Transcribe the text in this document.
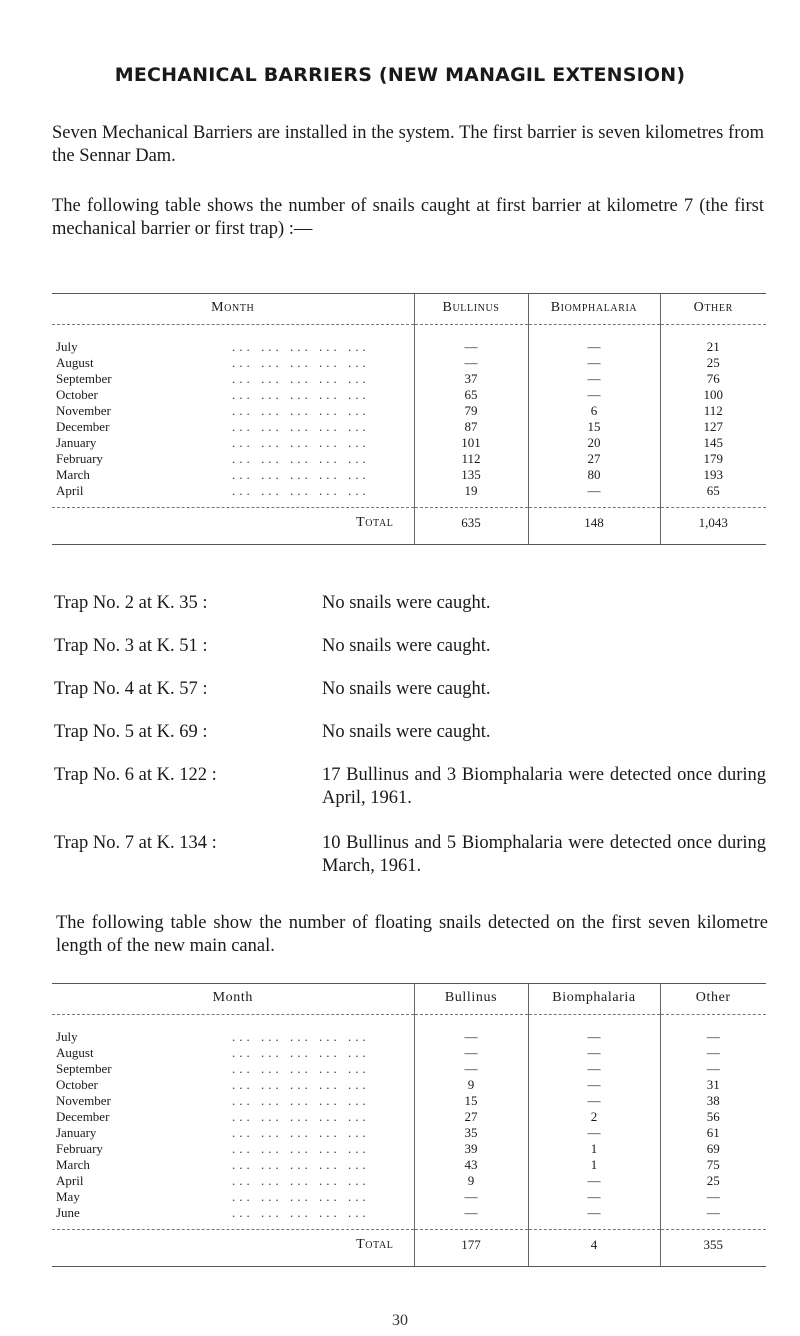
MECHANICAL BARRIERS (NEW MANAGIL EXTENSION)
Seven Mechanical Barriers are installed in the system. The first barrier is seven kilometres from the Sennar Dam.
The following table shows the number of snails caught at first barrier at kilometre 7 (the first mechanical barrier or first trap) :—
Month	Bullinus	Biomphalaria	Other
July ... ... ... ... ...	—	—	21
August ... ... ... ... ...	—	—	25
September ... ... ... ... ...	37	—	76
October ... ... ... ... ...	65	—	100
November ... ... ... ... ...	79	6	112
December ... ... ... ... ...	87	15	127
January ... ... ... ... ...	101	20	145
February ... ... ... ... ...	112	27	179
March ... ... ... ... ...	135	80	193
April ... ... ... ... ...	19	—	65
Total	635	148	1,043
Trap No. 2 at K. 35 :	No snails were caught.
Trap No. 3 at K. 51 :	No snails were caught.
Trap No. 4 at K. 57 :	No snails were caught.
Trap No. 5 at K. 69 :	No snails were caught.
Trap No. 6 at K. 122 :	17 Bullinus and 3 Biomphalaria were detected once during April, 1961.
Trap No. 7 at K. 134 :	10 Bullinus and 5 Biomphalaria were detected once during March, 1961.
The following table show the number of floating snails detected on the first seven kilometre length of the new main canal.
Month	Bullinus	Biomphalaria	Other
July ... ... ... ... ...	—	—	—
August ... ... ... ... ...	—	—	—
September ... ... ... ... ...	—	—	—
October ... ... ... ... ...	9	—	31
November ... ... ... ... ...	15	—	38
December ... ... ... ... ...	27	2	56
January ... ... ... ... ...	35	—	61
February ... ... ... ... ...	39	1	69
March ... ... ... ... ...	43	1	75
April ... ... ... ... ...	9	—	25
May ... ... ... ... ...	—	—	—
June ... ... ... ... ...	—	—	—
Total	177	4	355
30
